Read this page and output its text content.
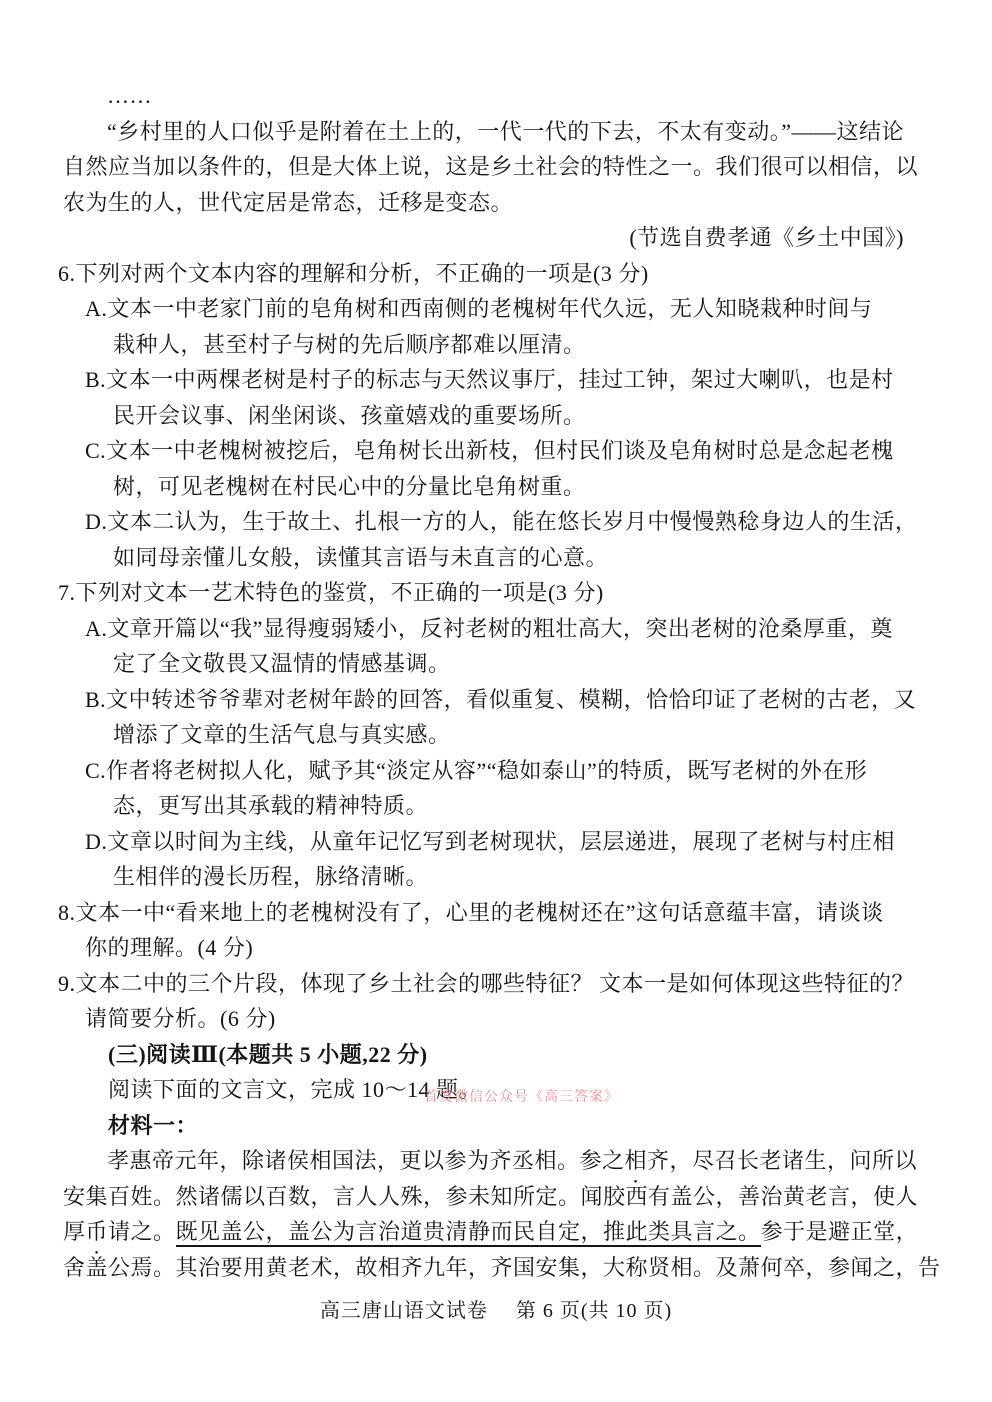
……
“乡村里的人口似乎是附着在土上的，一代一代的下去，不太有变动。”——这结论
自然应当加以条件的，但是大体上说，这是乡土社会的特性之一。我们很可以相信，以
农为生的人，世代定居是常态，迁移是变态。
(节选自费孝通《乡土中国》)
6.下列对两个文本内容的理解和分析，不正确的一项是(3 分)
A.文本一中老家门前的皂角树和西南侧的老槐树年代久远，无人知晓栽种时间与
栽种人，甚至村子与树的先后顺序都难以厘清。
B.文本一中两棵老树是村子的标志与天然议事厅，挂过工钟，架过大喇叭，也是村
民开会议事、闲坐闲谈、孩童嬉戏的重要场所。
C.文本一中老槐树被挖后，皂角树长出新枝，但村民们谈及皂角树时总是念起老槐
树，可见老槐树在村民心中的分量比皂角树重。
D.文本二认为，生于故土、扎根一方的人，能在悠长岁月中慢慢熟稔身边人的生活，
如同母亲懂儿女般，读懂其言语与未直言的心意。
7.下列对文本一艺术特色的鉴赏，不正确的一项是(3 分)
A.文章开篇以“我”显得瘦弱矮小，反衬老树的粗壮高大，突出老树的沧桑厚重，奠
定了全文敬畏又温情的情感基调。
B.文中转述爷爷辈对老树年龄的回答，看似重复、模糊，恰恰印证了老树的古老，又
增添了文章的生活气息与真实感。
C.作者将老树拟人化，赋予其“淡定从容”“稳如泰山”的特质，既写老树的外在形
态，更写出其承载的精神特质。
D.文章以时间为主线，从童年记忆写到老树现状，层层递进，展现了老树与村庄相
生相伴的漫长历程，脉络清晰。
8.文本一中“看来地上的老槐树没有了，心里的老槐树还在”这句话意蕴丰富，请谈谈
你的理解。(4 分)
9.文本二中的三个片段，体现了乡土社会的哪些特征？ 文本一是如何体现这些特征的？
请简要分析。(6 分)
(三)阅读Ⅲ(本题共 5 小题,22 分)
阅读下面的文言文，完成 10～14 题。
材料一：
孝惠帝元年，除诸侯相国法，更以参为齐丞相。参之相 ●齐，尽召长老诸生，问所以
安集百姓。然诸儒以百数，言人人殊，参未知所定。闻胶西有盖公，善治黄老言，使人
厚币 ●请之。既见盖公，盖公为言治道贵清静而民自定，推此类具言之。参于是避正堂，
舍盖公焉。其治要用黄老术，故相齐九年，齐国安集，大称贤相。及萧何卒，参闻之，告
首发微信公众号《高三答案》
高三唐山语文试卷 第 6 页(共 10 页)
